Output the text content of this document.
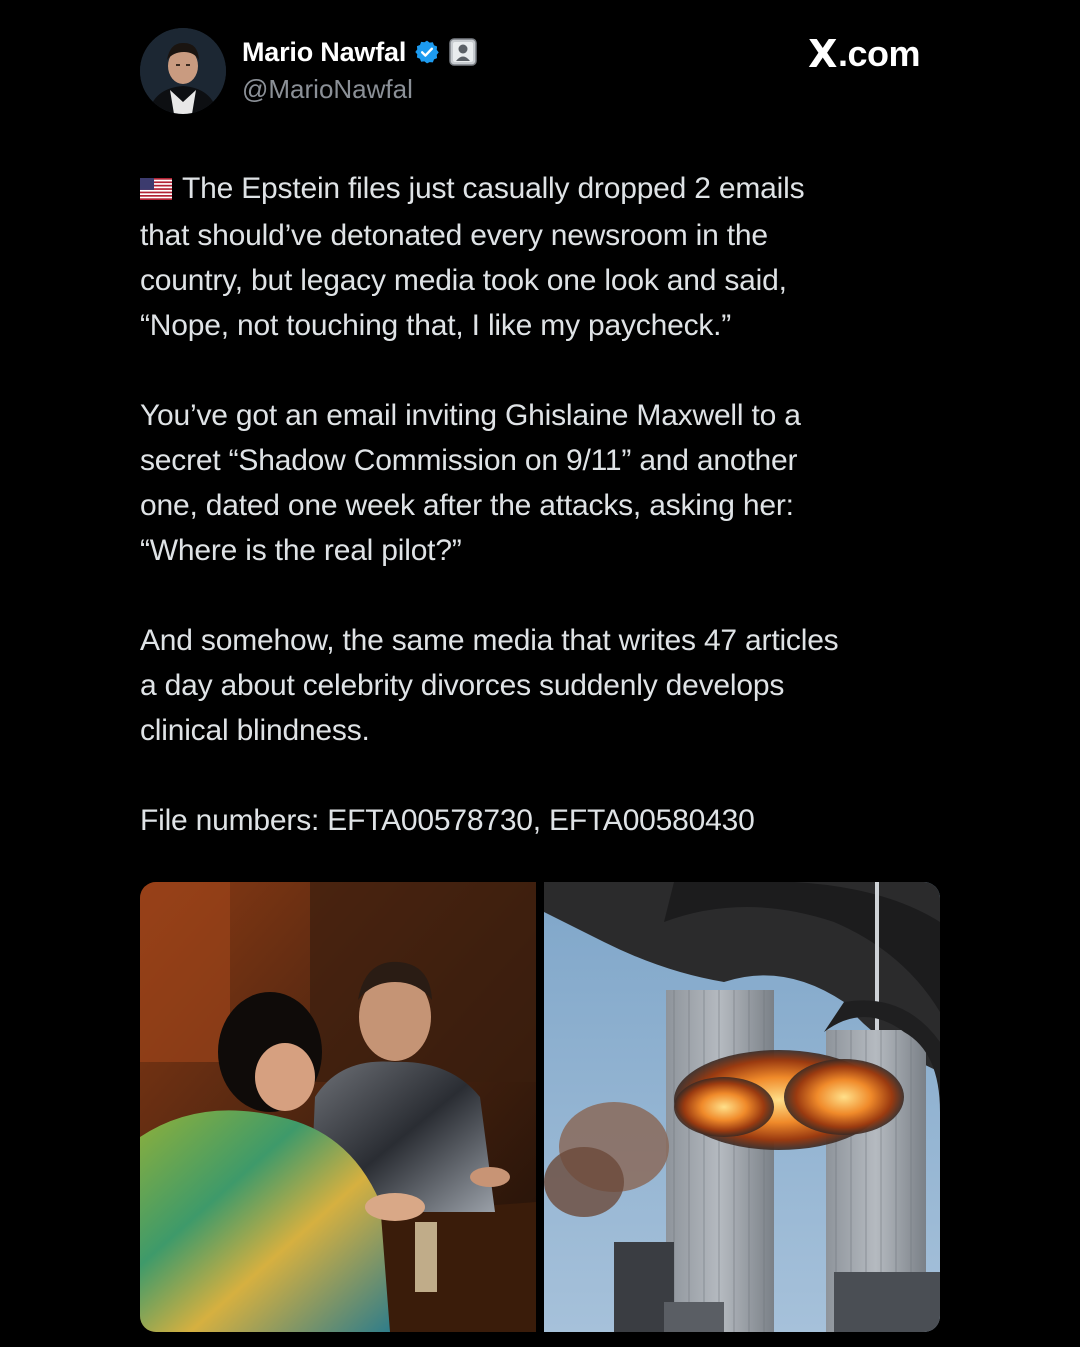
Mario Nawfal
@MarioNawfal
X .com

The Epstein files just casually dropped 2 emails
that should’ve detonated every newsroom in the
country, but legacy media took one look and said,
“Nope, not touching that, I like my paycheck.”

You’ve got an email inviting Ghislaine Maxwell to a
secret “Shadow Commission on 9/11” and another
one, dated one week after the attacks, asking her:
“Where is the real pilot?”

And somehow, the same media that writes 47 articles
a day about celebrity divorces suddenly develops
clinical blindness.

File numbers: EFTA00578730, EFTA00580430
